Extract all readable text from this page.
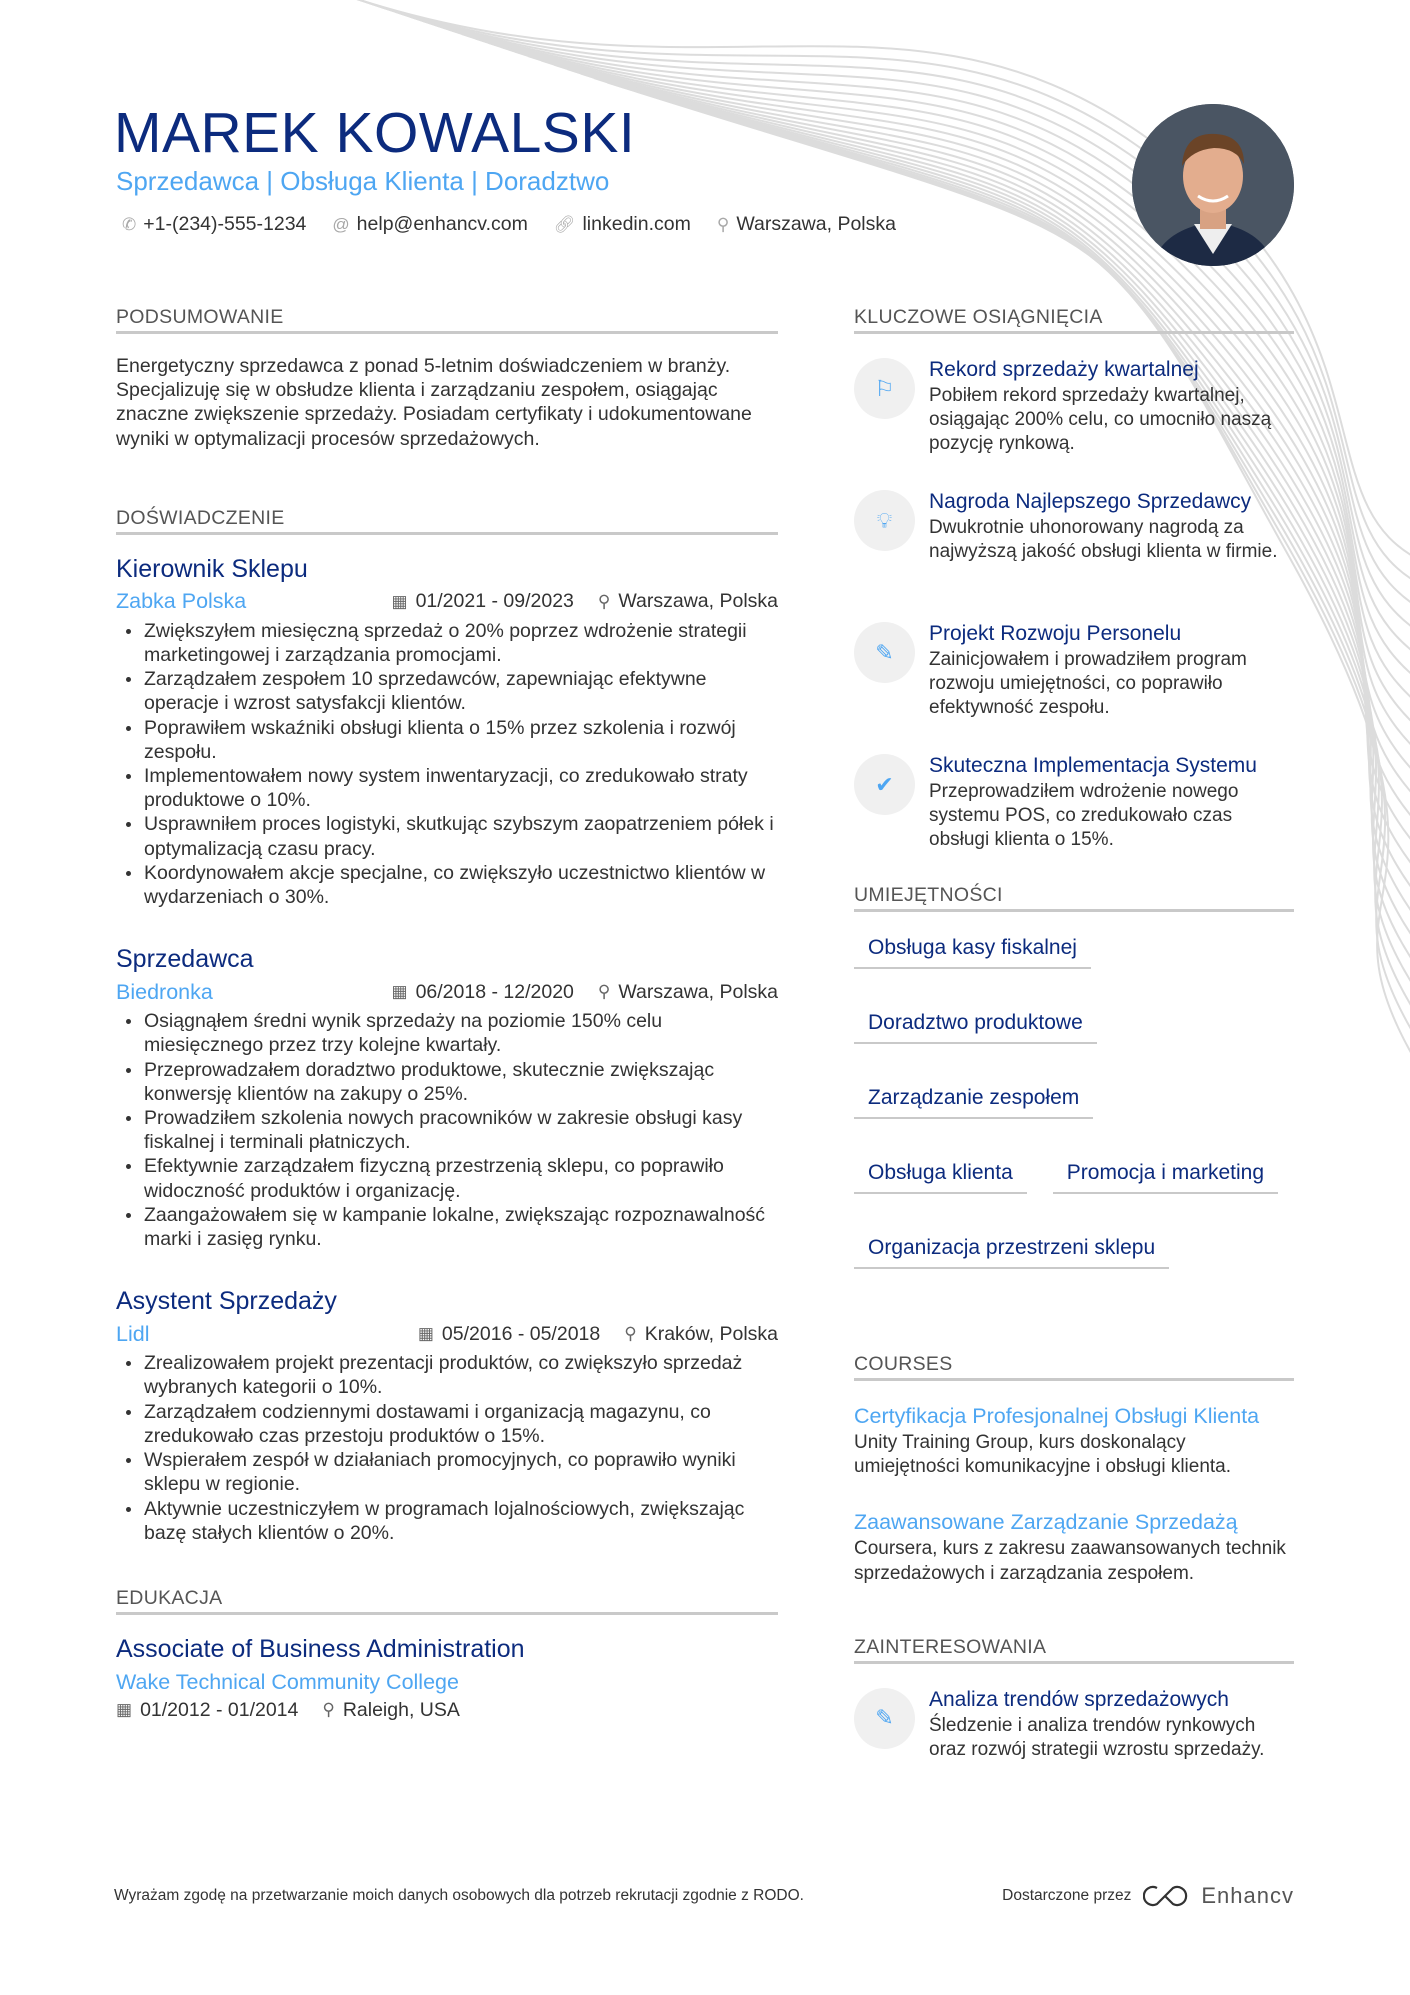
MAREK KOWALSKI
Sprzedawca | Obsługa Klienta | Doradztwo
✆ +1-(234)-555-1234 @ help@enhancv.com 🔗︎ linkedin.com ⚲ Warszawa, Polska
PODSUMOWANIE

Energetyczny sprzedawca z ponad 5-letnim doświadczeniem w branży. Specjalizuję się w obsłudze klienta i zarządzaniu zespołem, osiągając znaczne zwiększenie sprzedaży. Posiadam certyfikaty i udokumentowane wyniki w optymalizacji procesów sprzedażowych.

DOŚWIADCZENIE
Kierownik Sklepu
Zabka Polska	▦ 01/2021 - 09/2023 ⚲ Warszawa, Polska
Zwiększyłem miesięczną sprzedaż o 20% poprzez wdrożenie strategii marketingowej i zarządzania promocjami.
Zarządzałem zespołem 10 sprzedawców, zapewniając efektywne operacje i wzrost satysfakcji klientów.
Poprawiłem wskaźniki obsługi klienta o 15% przez szkolenia i rozwój zespołu.
Implementowałem nowy system inwentaryzacji, co zredukowało straty produktowe o 10%.
Usprawniłem proces logistyki, skutkując szybszym zaopatrzeniem półek i optymalizacją czasu pracy.
Koordynowałem akcje specjalne, co zwiększyło uczestnictwo klientów w wydarzeniach o 30%.
Sprzedawca
Biedronka	▦ 06/2018 - 12/2020 ⚲ Warszawa, Polska
Osiągnąłem średni wynik sprzedaży na poziomie 150% celu miesięcznego przez trzy kolejne kwartały.
Przeprowadzałem doradztwo produktowe, skutecznie zwiększając konwersję klientów na zakupy o 25%.
Prowadziłem szkolenia nowych pracowników w zakresie obsługi kasy fiskalnej i terminali płatniczych.
Efektywnie zarządzałem fizyczną przestrzenią sklepu, co poprawiło widoczność produktów i organizację.
Zaangażowałem się w kampanie lokalne, zwiększając rozpoznawalność marki i zasięg rynku.
Asystent Sprzedaży
Lidl	▦ 05/2016 - 05/2018 ⚲ Kraków, Polska
Zrealizowałem projekt prezentacji produktów, co zwiększyło sprzedaż wybranych kategorii o 10%.
Zarządzałem codziennymi dostawami i organizacją magazynu, co zredukowało czas przestoju produktów o 15%.
Wspierałem zespół w działaniach promocyjnych, co poprawiło wyniki sklepu w regionie.
Aktywnie uczestniczyłem w programach lojalnościowych, zwiększając bazę stałych klientów o 20%.
EDUKACJA
Associate of Business Administration
Wake Technical Community College
▦ 01/2012 - 01/2014 ⚲ Raleigh, USA
KLUCZOWE OSIĄGNIĘCIA
⚐
Rekord sprzedaży kwartalnej
Pobiłem rekord sprzedaży kwartalnej, osiągając 200% celu, co umocniło naszą pozycję rynkową.
💡︎
Nagroda Najlepszego Sprzedawcy
Dwukrotnie uhonorowany nagrodą za najwyższą jakość obsługi klienta w firmie.
✎
Projekt Rozwoju Personelu
Zainicjowałem i prowadziłem program rozwoju umiejętności, co poprawiło efektywność zespołu.
✔
Skuteczna Implementacja Systemu
Przeprowadziłem wdrożenie nowego systemu POS, co zredukowało czas obsługi klienta o 15%.
UMIEJĘTNOŚCI
Obsługa kasy fiskalnej
Doradztwo produktowe
Zarządzanie zespołem
Obsługa klienta	Promocja i marketing
Organizacja przestrzeni sklepu
COURSES
Certyfikacja Profesjonalnej Obsługi Klienta
Unity Training Group, kurs doskonalący umiejętności komunikacyjne i obsługi klienta.
Zaawansowane Zarządzanie Sprzedażą
Coursera, kurs z zakresu zaawansowanych technik sprzedażowych i zarządzania zespołem.
ZAINTERESOWANIA
✎
Analiza trendów sprzedażowych
Śledzenie i analiza trendów rynkowych oraz rozwój strategii wzrostu sprzedaży.
Wyrażam zgodę na przetwarzanie moich danych osobowych dla potrzeb rekrutacji zgodnie z RODO.	Dostarczone przez	Enhancv
